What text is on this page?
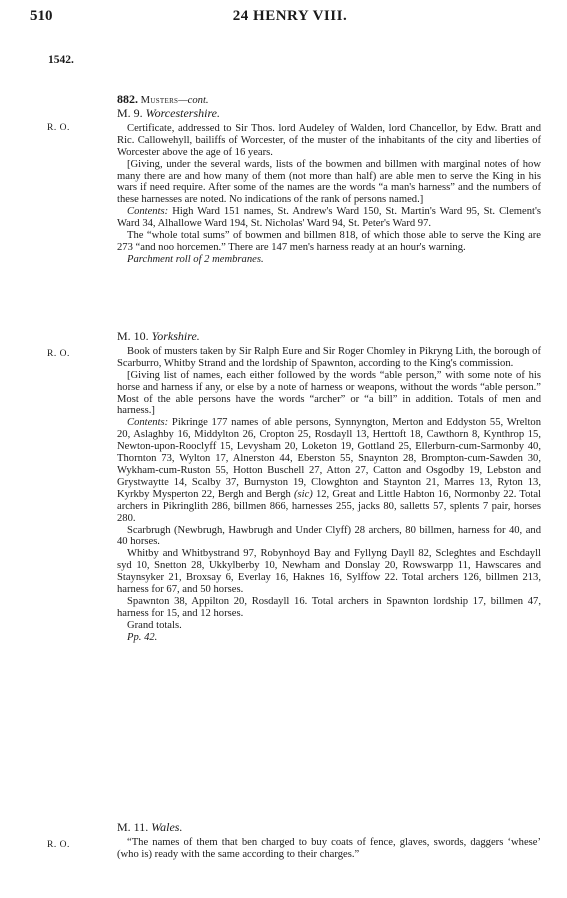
510	24 HENRY VIII.
1542.
R. O.
R. O.
R. O.

882. Musters—cont.

M. 9. Worcestershire.

Certificate, addressed to Sir Thos. lord Audeley of Walden, lord Chancellor, by Edw. Bratt and Ric. Callowehyll, bailiffs of Worcester, of the muster of the inhabitants of the city and liberties of Worcester above the age of 16 years.

[Giving, under the several wards, lists of the bowmen and billmen with marginal notes of how many there are and how many of them (not more than half) are able men to serve the King in his wars if need require. After some of the names are the words “a man's harness” and the numbers of these harnesses are noted. No indications of the rank of persons named.]

Contents: High Ward 151 names, St. Andrew's Ward 150, St. Martin's Ward 95, St. Clement's Ward 34, Alhallowe Ward 194, St. Nicholas' Ward 94, St. Peter's Ward 97.

The “whole total sums” of bowmen and billmen 818, of which those able to serve the King are 273 “and noo horcemen.” There are 147 men's harness ready at an hour's warning.

Parchment roll of 2 membranes.

M. 10. Yorkshire.

Book of musters taken by Sir Ralph Eure and Sir Roger Chomley in Pikryng Lith, the borough of Scarburro, Whitby Strand and the lordship of Spawnton, according to the King's commission.

[Giving list of names, each either followed by the words “able person,” with some note of his horse and harness if any, or else by a note of harness or weapons, without the words “able person.” Most of the able persons have the words “archer” or “a bill” in addition. Totals of men and harness.]

Contents: Pikringe 177 names of able persons, Synnyngton, Merton and Eddyston 55, Wrelton 20, Aslaghby 16, Middylton 26, Cropton 25, Rosdayll 13, Herttoft 18, Cawthorn 8, Kynthrop 15, Newton-upon-Rooclyff 15, Levysham 20, Loketon 19, Gottland 25, Ellerburn-cum-Sarmonby 40, Thornton 73, Wylton 17, Alnerston 44, Eberston 55, Snaynton 28, Brompton-cum-Sawden 30, Wykham-cum-Ruston 55, Hotton Buschell 27, Atton 27, Catton and Osgodby 19, Lebston and Grystwaytte 14, Scalby 37, Burnyston 19, Clowghton and Staynton 21, Marres 13, Ryton 13, Kyrkby Mysperton 22, Bergh and Bergh (sic) 12, Great and Little Habton 16, Normonby 22. Total archers in Pikringlith 286, billmen 866, harnesses 255, jacks 80, salletts 57, splents 7 pair, horses 280.

Scarbrugh (Newbrugh, Hawbrugh and Under Clyff) 28 archers, 80 billmen, harness for 40, and 40 horses.

Whitby and Whitbystrand 97, Robynhoyd Bay and Fyllyng Dayll 82, Scleghtes and Eschdayll syd 10, Snetton 28, Ukkylberby 10, Newham and Donslay 20, Rowswarpp 11, Hawscares and Staynsyker 21, Broxsay 6, Everlay 16, Haknes 16, Sylffow 22. Total archers 126, billmen 213, harness for 67, and 50 horses.

Spawnton 38, Appilton 20, Rosdayll 16. Total archers in Spawnton lordship 17, billmen 47, harness for 15, and 12 horses.

Grand totals.

Pp. 42.

M. 11. Wales.

“The names of them that ben charged to buy coats of fence, glaves, swords, daggers ‘whese’ (who is) ready with the same according to their charges.”
